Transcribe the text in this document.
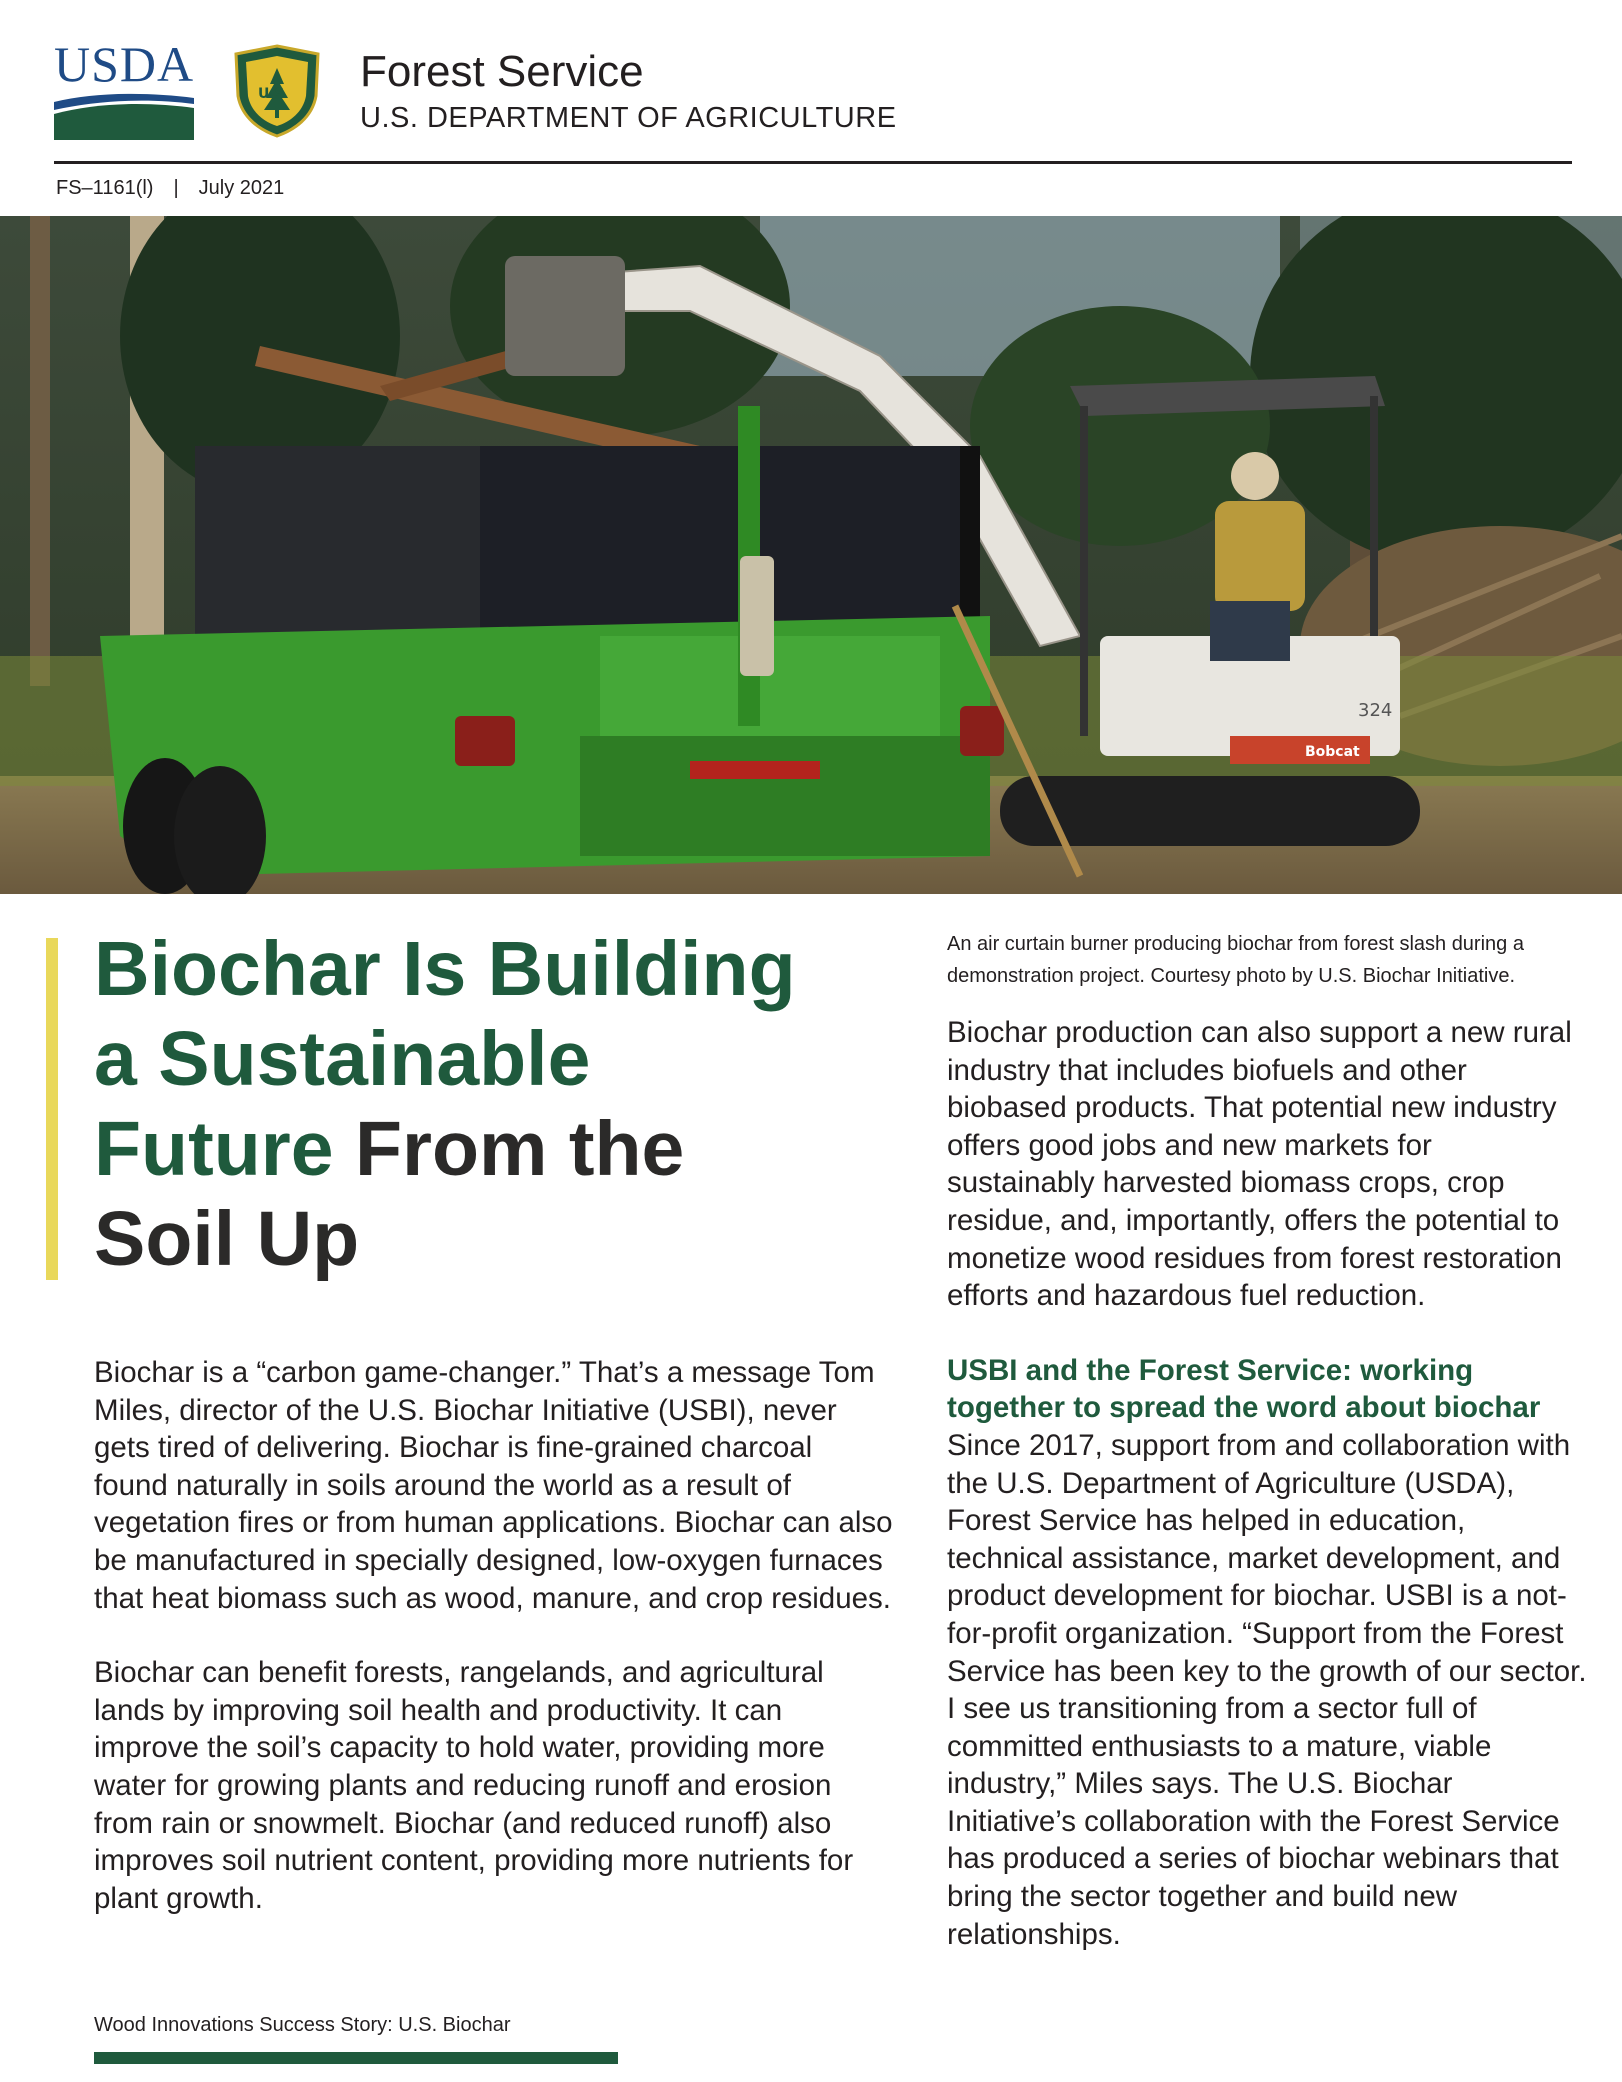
USDA
U S Forest Service
U.S. DEPARTMENT OF AGRICULTURE
FS–1161(l) | July 2021
324
Bobcat
Biochar Is Building
a Sustainable
Future From the
Soil Up

Biochar is a “carbon game-changer.” That’s a message Tom Miles, director of the U.S. Biochar Initiative (USBI), never gets tired of delivering. Biochar is fine-grained charcoal found naturally in soils around the world as a result of vegetation fires or from human applications. Biochar can also be manufactured in specially designed, low-oxygen furnaces that heat biomass such as wood, manure, and crop residues.

Biochar can benefit forests, rangelands, and agricultural lands by improving soil health and productivity. It can improve the soil’s capacity to hold water, providing more water for growing plants and reducing runoff and erosion from rain or snowmelt. Biochar (and reduced runoff) also improves soil nutrient content, providing more nutrients for plant growth.

An air curtain burner producing biochar from forest slash during a demonstration project. Courtesy photo by U.S. Biochar Initiative.

Biochar production can also support a new rural industry that includes biofuels and other biobased products. That potential new industry offers good jobs and new markets for sustainably harvested biomass crops, crop residue, and, importantly, offers the potential to monetize wood residues from forest restoration efforts and hazardous fuel reduction.

USBI and the Forest Service: working together to spread the word about biochar

Since 2017, support from and collaboration with the U.S. Department of Agriculture (USDA), Forest Service has helped in education, technical assistance, market development, and product development for biochar. USBI is a not-for-profit organization. “Support from the Forest Service has been key to the growth of our sector. I see us transitioning from a sector full of committed enthusiasts to a mature, viable industry,” Miles says. The U.S. Biochar Initiative’s collaboration with the Forest Service has produced a series of biochar webinars that bring the sector together and build new relationships.

Wood Innovations Success Story: U.S. Biochar
